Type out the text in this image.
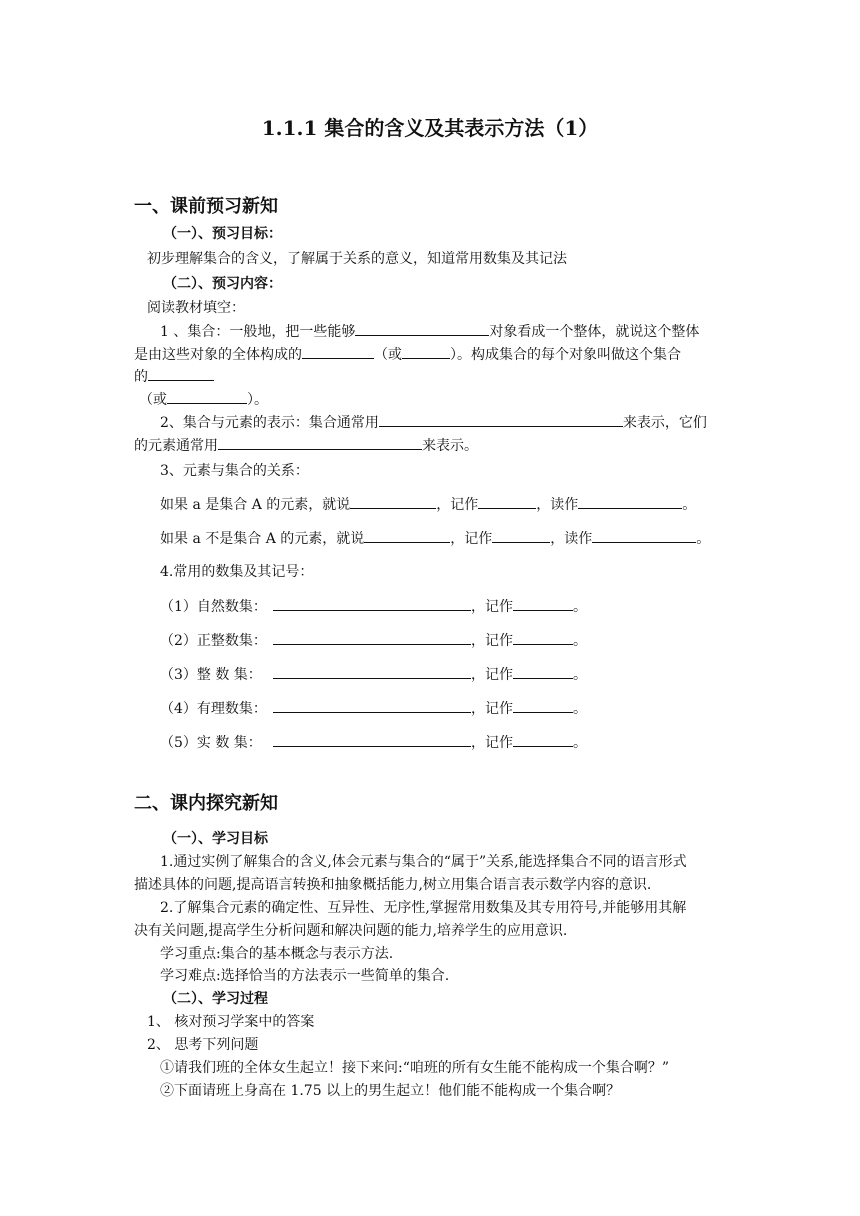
1.1.1 集合的含义及其表示方法（1）
一、课前预习新知
（一）、预习目标：
初步理解集合的含义，了解属于关系的意义，知道常用数集及其记法
（二）、预习内容：
阅读教材填空：
1 、集合：一般地，把一些能够	对象看成一个整体，就说这个整体
是由这些对象的全体构成的	（或	）。构成集合的每个对象叫做这个集合
的
（或	）。
2、集合与元素的表示：集合通常用	来表示，它们
的元素通常用	来表示。
3、元素与集合的关系：
如果 a 是集合 A 的元素，就说	，记作	，读作	。
如果 a 不是集合 A 的元素，就说	，记作	，读作	。
4.常用的数集及其记号：
（1）自然数集：	，记作	。
（2）正整数集：	，记作	。
（3）整 数 集：	，记作	。
（4）有理数集：	，记作	。
（5）实 数 集：	，记作	。
二、课内探究新知
（一）、学习目标
1.通过实例了解集合的含义,体会元素与集合的“属于”关系,能选择集合不同的语言形式
描述具体的问题,提高语言转换和抽象概括能力,树立用集合语言表示数学内容的意识.
2.了解集合元素的确定性、互异性、无序性,掌握常用数集及其专用符号,并能够用其解
决有关问题,提高学生分析问题和解决问题的能力,培养学生的应用意识.
学习重点:集合的基本概念与表示方法.
学习难点:选择恰当的方法表示一些简单的集合.
（二）、学习过程
1、 核对预习学案中的答案
2、 思考下列问题
①请我们班的全体女生起立！接下来问:“咱班的所有女生能不能构成一个集合啊？”
②下面请班上身高在 1.75 以上的男生起立！他们能不能构成一个集合啊？
